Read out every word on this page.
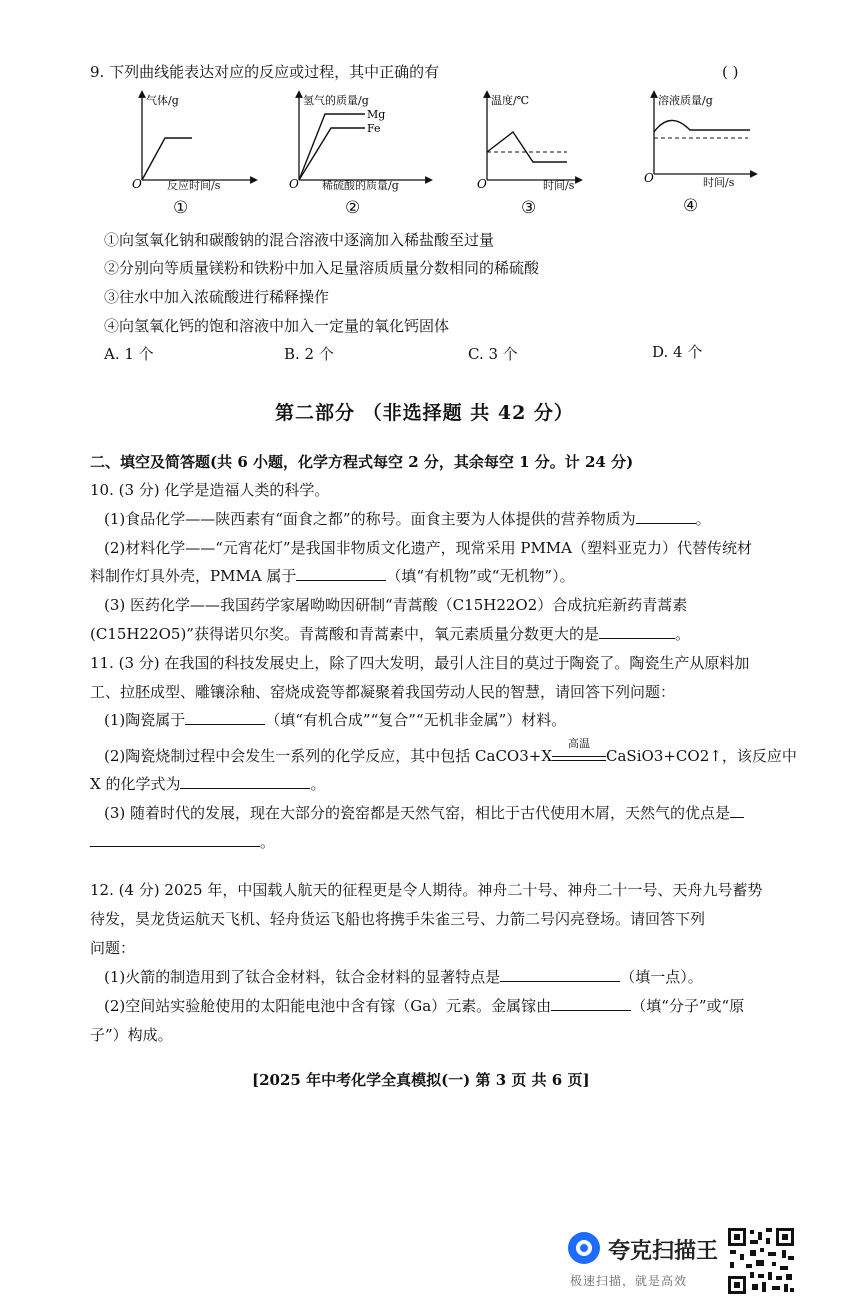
9. 下列曲线能表达对应的反应或过程，其中正确的有	( )
气体/g
O 反应时间/s
①
氢气的质量/g
Mg
Fe
O 稀硫酸的质量/g
②
温度/℃
O	时间/s
③
溶液质量/g
O	时间/s
④
①向氢氧化钠和碳酸钠的混合溶液中逐滴加入稀盐酸至过量
②分别向等质量镁粉和铁粉中加入足量溶质质量分数相同的稀硫酸
③往水中加入浓硫酸进行稀释操作
④向氢氧化钙的饱和溶液中加入一定量的氧化钙固体
A. 1 个	B. 2 个	C. 3 个	D. 4 个
第二部分 （非选择题 共 42 分）
二、填空及简答题(共 6 小题，化学方程式每空 2 分，其余每空 1 分。计 24 分)
10. (3 分) 化学是造福人类的科学。
(1)食品化学——陕西素有“面食之都”的称号。面食主要为人体提供的营养物质为	。
(2)材料化学——“元宵花灯”是我国非物质文化遗产，现常采用 PMMA（塑料亚克力）代替传统材
料制作灯具外壳，PMMA 属于	（填“有机物”或“无机物”）。
(3) 医药化学——我国药学家屠呦呦因研制“青蒿酸（C15H22O2）合成抗疟新药青蒿素
(C15H22O5)”获得诺贝尔奖。青蒿酸和青蒿素中，氧元素质量分数更大的是	。
11. (3 分) 在我国的科技发展史上，除了四大发明，最引人注目的莫过于陶瓷了。陶瓷生产从原料加
工、拉胚成型、雕镶涂釉、窑烧成瓷等都凝聚着我国劳动人民的智慧，请回答下列问题：
(1)陶瓷属于	（填“有机合成”“复合”“无机非金属”）材料。
(2)陶瓷烧制过程中会发生一系列的化学反应，其中包括 CaCO3+X
高温
CaSiO3+CO2↑，该反应中
X 的化学式为	。
(3) 随着时代的发展，现在大部分的瓷窑都是天然气窑，相比于古代使用木屑，天然气的优点是
。
12. (4 分) 2025 年，中国载人航天的征程更是令人期待。神舟二十号、神舟二十一号、天舟九号蓄势
待发，昊龙货运航天飞机、轻舟货运飞船也将携手朱雀三号、力箭二号闪亮登场。请回答下列
问题：
(1)火箭的制造用到了钛合金材料，钛合金材料的显著特点是	（填一点）。
(2)空间站实验舱使用的太阳能电池中含有镓（Ga）元素。金属镓由	（填“分子”或“原
子”）构成。
[2025 年中考化学全真模拟(一) 第 3 页 共 6 页]
夸克扫描王
极速扫描，就是高效
